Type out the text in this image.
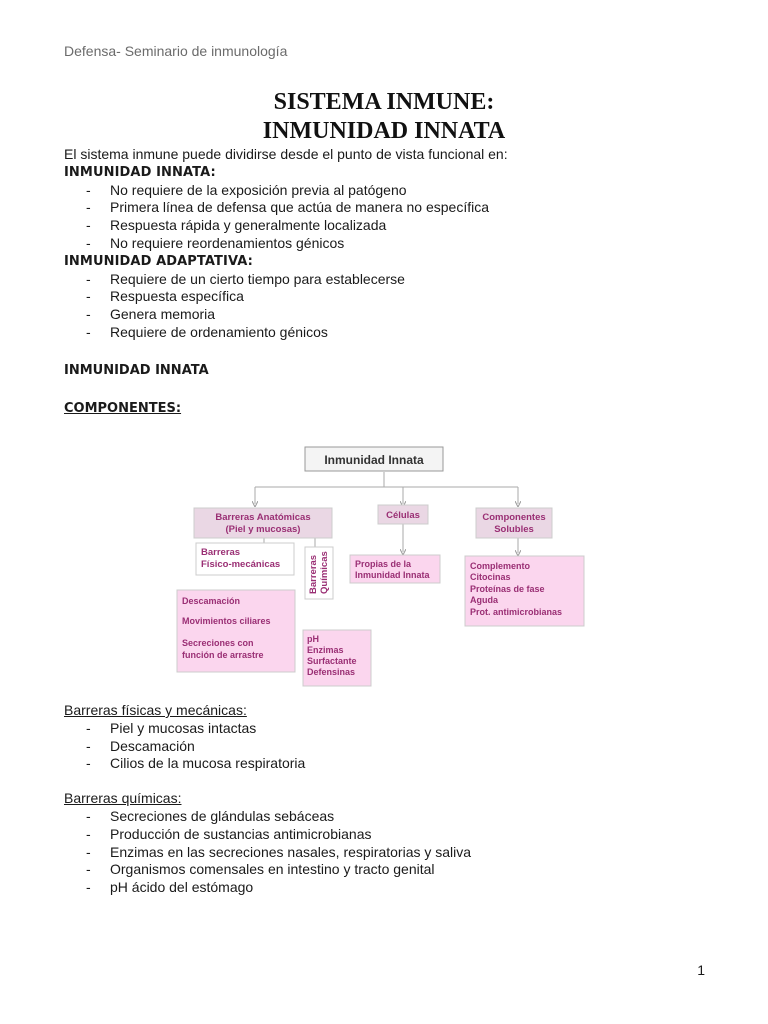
Defensa- Seminario de inmunología
SISTEMA INMUNE:
INMUNIDAD INNATA
El sistema inmune puede dividirse desde el punto de vista funcional en:
INMUNIDAD INNATA:
- No requiere de la exposición previa al patógeno
- Primera línea de defensa que actúa de manera no específica
- Respuesta rápida y generalmente localizada
- No requiere reordenamientos génicos
INMUNIDAD ADAPTATIVA:
- Requiere de un cierto tiempo para establecerse
- Respuesta específica
- Genera memoria
- Requiere de ordenamiento génicos
INMUNIDAD INNATA
COMPONENTES:
Inmunidad Innata
Barreras Anatómicas
(Piel y mucosas)
Células	Componentes
Solubles
Barreras
Físico-mecánicas	Barreras Químicas	Propias de la
Inmunidad Innata
Complemento
Citocinas
Proteínas de fase
Aguda
Prot. antimicrobianas
Descamación
Movimientos ciliares
Secreciones con
función de arrastre
pH
Enzimas
Surfactante
Defensinas
Barreras físicas y mecánicas:
- Piel y mucosas intactas
- Descamación
- Cilios de la mucosa respiratoria
Barreras químicas:
- Secreciones de glándulas sebáceas
- Producción de sustancias antimicrobianas
- Enzimas en las secreciones nasales, respiratorias y saliva
- Organismos comensales en intestino y tracto genital
- pH ácido del estómago
1
